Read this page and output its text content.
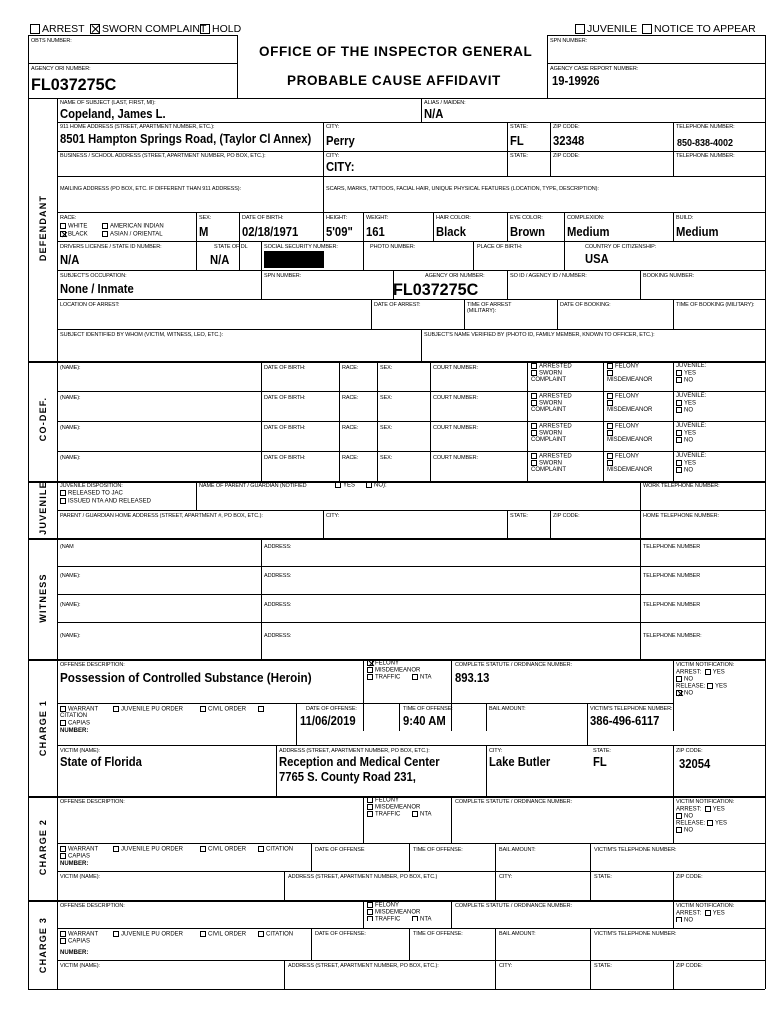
ARREST	SWORN COMPLAINT HOLD	JUVENILE	NOTICE TO APPEAR
OBTS NUMBER:
OFFICE OF THE INSPECTOR GENERAL
PROBABLE CAUSE AFFIDAVIT
SPN NUMBER:
AGENCY ORI NUMBER:
FL037275C
AGENCY CASE REPORT NUMBER:
19-19926
DEFENDANT
CO-DEF.
JUVENILE
WITNESS
CHARGE 1
CHARGE 2
CHARGE 3
NAME OF SUBJECT (LAST, FIRST, MI):
Copeland, James L.
ALIAS / MAIDEN:
N/A
911 HOME ADDRESS (STREET, APARTMENT NUMBER, ETC.):
8501 Hampton Springs Road, (Taylor Cl Annex)
CITY:
Perry
STATE:
FL
ZIP CODE:
32348
TELEPHONE NUMBER:
850-838-4002
BUSINESS / SCHOOL ADDRESS (STREET, APARTMENT NUMBER, PO BOX, ETC.):	CITY:
CITY:
STATE:	ZIP CODE:	TELEPHONE NUMBER:
MAILING ADDRESS (PO BOX, ETC. IF DIFFERENT THAN 911 ADDRESS):	SCARS, MARKS, TATTOOS, FACIAL HAIR, UNIQUE PHYSICAL FEATURES (LOCATION, TYPE, DESCRIPTION):
RACE:
WHITE	AMERICAN INDIAN
BLACK	ASIAN / ORIENTAL
SEX:
M
DATE OF BIRTH:
02/18/1971
HEIGHT:
5'09"
WEIGHT:
161
HAIR COLOR:
Black
EYE COLOR:
Brown
COMPLEXION:
Medium
BUILD:
Medium
DRIVERS LICENSE / STATE ID NUMBER:
N/A
STATE OF DL
N/A
SOCIAL SECURITY NUMBER:	PHOTO NUMBER:	PLACE OF BIRTH:	COUNTRY OF CITIZENSHIP:
USA
SUBJECT'S OCCUPATION:
None / Inmate
SPN NUMBER:	AGENCY ORI NUMBER:
FL037275C
SO ID / AGENCY ID / NUMBER:	BOOKING NUMBER:
LOCATION OF ARREST:	DATE OF ARREST:	TIME OF ARREST (MILITARY):
DATE OF BOOKING:	TIME OF BOOKING (MILITARY):
SUBJECT IDENTIFIED BY WHOM (VICTIM, WITNESS, LEO, ETC.):	SUBJECT'S NAME VERIFIED BY (PHOTO ID, FAMILY MEMBER, KNOWN TO OFFICER, ETC.):
(NAME):	DATE OF BIRTH:	RACE:	SEX:	COURT NUMBER:	ARRESTED
SWORN
COMPLAINT
FELONY
MISDEMEANOR
JUVENILE:
YES
NO
(NAME):	DATE OF BIRTH:	RACE:	SEX:	COURT NUMBER:	ARRESTED
SWORN
COMPLAINT
FELONY
MISDEMEANOR
JUVENILE:
YES
NO
(NAME):	DATE OF BIRTH:	RACE:	SEX:	COURT NUMBER:	ARRESTED
SWORN
COMPLAINT
FELONY
MISDEMEANOR
JUVENILE:
YES
NO
(NAME):	DATE OF BIRTH:	RACE:	SEX:	COURT NUMBER:	ARRESTED
SWORN
COMPLAINT
FELONY
MISDEMEANOR
JUVENILE:
YES
NO
JUVENILE DISPOSITION:
RELEASED TO JAC
ISSUED NTA AND RELEASED
NAME OF PARENT / GUARDIAN (NOTIFIED	YES	NO):	WORK TELEPHONE NUMBER:
PARENT / GUARDIAN HOME ADDRESS (STREET, APARTMENT #, PO BOX, ETC.):	CITY:	STATE:	ZIP CODE:	HOME TELEPHONE NUMBER:
(NAM	ADDRESS:	TELEPHONE NUMBER
(NAME):	ADDRESS:	TELEPHONE NUMBER
(NAME):	ADDRESS:	TELEPHONE NUMBER
(NAME):	ADDRESS:	TELEPHONE NUMBER:
OFFENSE DESCRIPTION:
Possession of Controlled Substance (Heroin)
FELONY
MISDEMEANOR
TRAFFIC	NTA
COMPLETE STATUTE / ORDINANCE NUMBER:
893.13
VICTIM NOTIFICATION:
ARREST: YES
NO
RELEASE: YES
NO
WARRANT	JUVENILE PU ORDER	CIVIL ORDER
CITATION
CAPIAS
NUMBER:
DATE OF OFFENSE:
11/06/2019
TIME OF OFFENSE:
9:40 AM
BAIL AMOUNT:	VICTIM'S TELEPHONE NUMBER:
386-496-6117
VICTIM (NAME):
State of Florida
ADDRESS (STREET, APARTMENT NUMBER, PO BOX, ETC.):
Reception and Medical Center
7765 S. County Road 231,
CITY:
Lake Butler
STATE:
FL
ZIP CODE:
32054
OFFENSE DESCRIPTION:	FELONY
MISDEMEANOR
TRAFFIC	NTA
COMPLETE STATUTE / ORDINANCE NUMBER:	VICTIM NOTIFICATION:
ARREST: YES
NO
RELEASE: YES
NO
WARRANT	JUVENILE PU ORDER	CIVIL ORDER	CITATION
CAPIAS
NUMBER:
DATE OF OFFENSE	TIME OF OFFENSE:	BAIL AMOUNT:	VICTIM'S TELEPHONE NUMBER:
VICTIM (NAME):	ADDRESS (STREET, APARTMENT NUMBER, PO BOX, ETC.)	CITY:	STATE:	ZIP CODE:
OFFENSE DESCRIPTION:	FELONY
MISDEMEANOR
TRAFFIC	NTA
COMPLETE STATUTE / ORDINANCE NUMBER:	VICTIM NOTIFICATION:
ARREST: YES
NO
WARRANT	JUVENILE PU ORDER	CIVIL ORDER	CITATION
CAPIAS
NUMBER:
DATE OF OFFENSE:	TIME OF OFFENSE:	BAIL AMOUNT:	VICTIM'S TELEPHONE NUMBER:
VICTIM (NAME):	ADDRESS (STREET, APARTMENT NUMBER, PO BOX, ETC.):	CITY:	STATE:	ZIP CODE:
